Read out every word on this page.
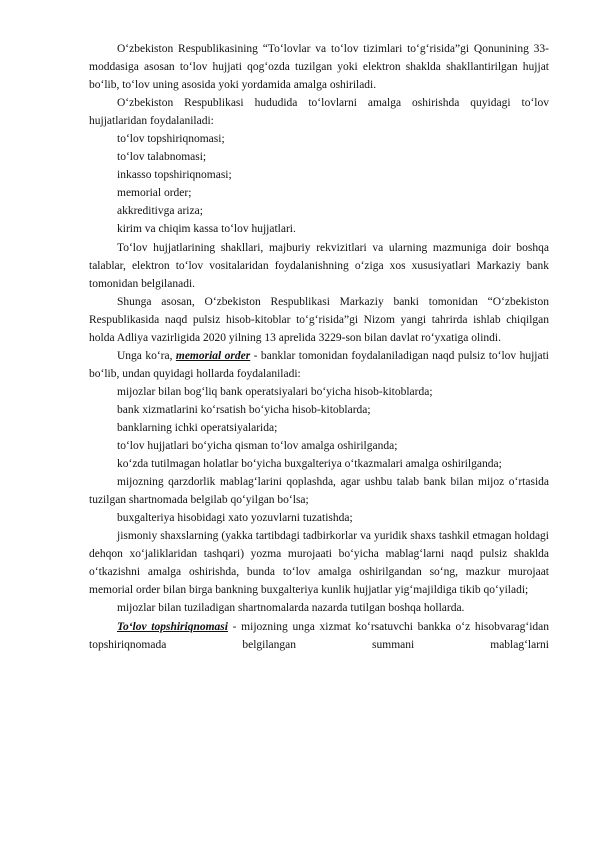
O‘zbekiston Respublikasining “To‘lovlar va to‘lov tizimlari to‘g‘risida”gi Qonunining 33-moddasiga asosan to‘lov hujjati qog‘ozda tuzilgan yoki elektron shaklda shakllantirilgan hujjat bo‘lib, to‘lov uning asosida yoki yordamida amalga oshiriladi.

O‘zbekiston Respublikasi hududida to‘lovlarni amalga oshirishda quyidagi to‘lov hujjatlaridan foydalaniladi:

to‘lov topshiriqnomasi;

to‘lov talabnomasi;

inkasso topshiriqnomasi;

memorial order;

akkreditivga ariza;

kirim va chiqim kassa to‘lov hujjatlari.

To‘lov hujjatlarining shakllari, majburiy rekvizitlari va ularning mazmuniga doir boshqa talablar, elektron to‘lov vositalaridan foydalanishning o‘ziga xos xususiyatlari Markaziy bank tomonidan belgilanadi.

Shunga asosan, O‘zbekiston Respublikasi Markaziy banki tomonidan “O‘zbekiston Respublikasida naqd pulsiz hisob-kitoblar to‘g‘risida”gi Nizom yangi tahrirda ishlab chiqilgan holda Adliya vazirligida 2020 yilning 13 aprelida 3229-son bilan davlat ro‘yxatiga olindi.

Unga ko‘ra, memorial order - banklar tomonidan foydalaniladigan naqd pulsiz to‘lov hujjati bo‘lib, undan quyidagi hollarda foydalaniladi:

mijozlar bilan bog‘liq bank operatsiyalari bo‘yicha hisob-kitoblarda;

bank xizmatlarini ko‘rsatish bo‘yicha hisob-kitoblarda;

banklarning ichki operatsiyalarida;

to‘lov hujjatlari bo‘yicha qisman to‘lov amalga oshirilganda;

ko‘zda tutilmagan holatlar bo‘yicha buxgalteriya o‘tkazmalari amalga oshirilganda;

mijozning qarzdorlik mablag‘larini qoplashda, agar ushbu talab bank bilan mijoz o‘rtasida tuzilgan shartnomada belgilab qo‘yilgan bo‘lsa;

buxgalteriya hisobidagi xato yozuvlarni tuzatishda;

jismoniy shaxslarning (yakka tartibdagi tadbirkorlar va yuridik shaxs tashkil etmagan holdagi dehqon xo‘jaliklaridan tashqari) yozma murojaati bo‘yicha mablag‘larni naqd pulsiz shaklda o‘tkazishni amalga oshirishda, bunda to‘lov amalga oshirilgandan so‘ng, mazkur murojaat memorial order bilan birga bankning buxgalteriya kunlik hujjatlar yig‘majildiga tikib qo‘yiladi;

mijozlar bilan tuziladigan shartnomalarda nazarda tutilgan boshqa hollarda.

To‘lov topshiriqnomasi - mijozning unga xizmat ko‘rsatuvchi bankka o‘z hisobvarag‘idan topshiriqnomada belgilangan summani mablag‘larni
